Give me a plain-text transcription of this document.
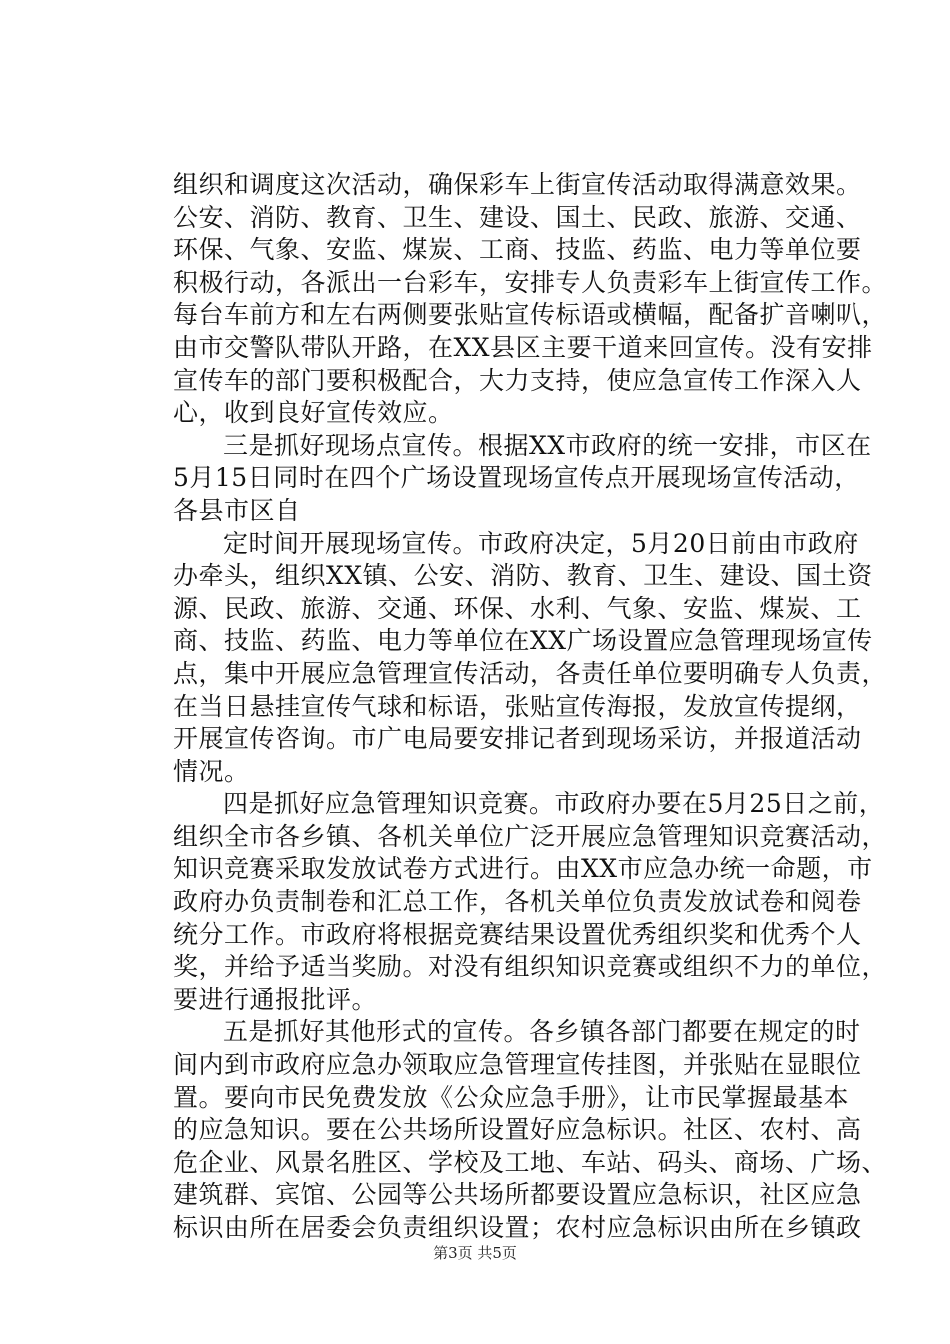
组织和调度这次活动，确保彩车上街宣传活动取得满意效果。
公安、消防、教育、卫生、建设、国土、民政、旅游、交通、
环保、气象、安监、煤炭、工商、技监、药监、电力等单位要
积极行动，各派出一台彩车，安排专人负责彩车上街宣传工作。
每台车前方和左右两侧要张贴宣传标语或横幅，配备扩音喇叭，
由市交警队带队开路，在XX县区主要干道来回宣传。没有安排
宣传车的部门要积极配合，大力支持，使应急宣传工作深入人
心，收到良好宣传效应。
三是抓好现场点宣传。根据XX市政府的统一安排，市区在
5月15日同时在四个广场设置现场宣传点开展现场宣传活动，
各县市区自
定时间开展现场宣传。市政府决定，5月20日前由市政府
办牵头，组织XX镇、公安、消防、教育、卫生、建设、国土资
源、民政、旅游、交通、环保、水利、气象、安监、煤炭、工
商、技监、药监、电力等单位在XX广场设置应急管理现场宣传
点，集中开展应急管理宣传活动，各责任单位要明确专人负责，
在当日悬挂宣传气球和标语，张贴宣传海报，发放宣传提纲，
开展宣传咨询。市广电局要安排记者到现场采访，并报道活动
情况。
四是抓好应急管理知识竞赛。市政府办要在5月25日之前，
组织全市各乡镇、各机关单位广泛开展应急管理知识竞赛活动，
知识竞赛采取发放试卷方式进行。由XX市应急办统一命题，市
政府办负责制卷和汇总工作，各机关单位负责发放试卷和阅卷
统分工作。市政府将根据竞赛结果设置优秀组织奖和优秀个人
奖，并给予适当奖励。对没有组织知识竞赛或组织不力的单位，
要进行通报批评。
五是抓好其他形式的宣传。各乡镇各部门都要在规定的时
间内到市政府应急办领取应急管理宣传挂图，并张贴在显眼位
置。要向市民免费发放《公众应急手册》，让市民掌握最基本
的应急知识。要在公共场所设置好应急标识。社区、农村、高
危企业、风景名胜区、学校及工地、车站、码头、商场、广场、
建筑群、宾馆、公园等公共场所都要设置应急标识，社区应急
标识由所在居委会负责组织设置；农村应急标识由所在乡镇政
第3页 共5页
